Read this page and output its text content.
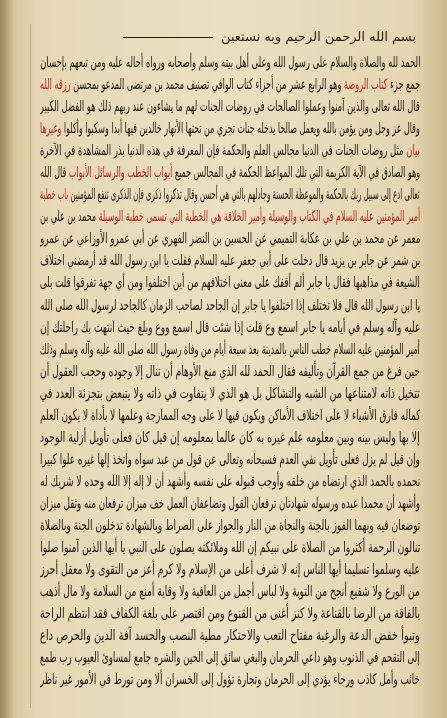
بسم الله الرحمن الرحيم وبه نستعين
الحمد لله والصلاة والسلام على رسول الله وعلى أهل بيته وسلم وأصحابه ورواه أحاله عليه ومن تبعهم بإحسان
جمع جزء كتاب الروضة وهو الرابع عشر من أجزاء كتاب الوافي تصنيف محمد بن مرتضى المدعو بمحسن رزقه الله
قال الله تعالى والذين آمنوا وعملوا الصالحات في روضات الجنات لهم ما يشاءون عند ربهم ذلك هو الفضل الكبير
وقال عز وجل ومن يؤمن بالله ويعمل صالحا يدخله جنات تجري من تحتها الأنهار خالدين فيها أبدا وسكبوا وأكلوا وغيرها
بيان مثل روضات الجنات في الدنيا مجالس العلم والحكمة فإن المعرفة في هذه الدنيا بذر المشاهدة في الآخرة
وهو الصادق في الآية الكريمة التي تلك المواعظ الحكمة في المجالس جميع أبواب الخطب والرسائل الأبواب قال الله
تعالى ادع إلى سبيل ربك بالحكمة والموعظة الحسنة وجادلهم بالتي هي أحسن وقال تذكروا ذكرى فإن الذكرى تنفع المؤمنين باب خطبة
أمير المؤمنين عليه السلام في الكتاب والوسيلة وأمير الخلافة هي الخطبة التي تسمى خطبة الوسيلة محمد بن علي بن
معمر عن محمد بن علي بن عكابة التميمي عن الحسين بن النضر الفهري عن أبي عمرو الأوزاعي عن عمرو
بن شمر عن جابر بن يزيد قال دخلت على أبي جعفر عليه السلام فقلت يا ابن رسول الله قد أرمضني اختلاف
الشيعة في مذاهبها فقال يا جابر ألم أقفك على معنى اختلافهم من أين اختلفوا ومن أي جهة تفرقوا قلت بلى
يا ابن رسول الله قال فلا تختلف إذا اختلفوا يا جابر إن الجاحد لصاحب الزمان كالجاحد لرسول الله صلى الله
عليه وآله وسلم في أيامه يا جابر اسمع وع قلت إذا شئت قال اسمع ووع وبلغ حيث انتهت بك راحلتك إن
أمير المؤمنين عليه السلام خطب الناس بالمدينة بعد سبعة أيام من وفاة رسول الله صلى الله عليه وآله وسلم وذلك
حين فرغ من جمع القرآن وتأليفه فقال الحمد لله الذي منع الأوهام أن تنال إلا وجوده وحجب العقول أن
تتخيل ذاته لامتناعها من الشبه والتشاكل بل هو الذي لا يتفاوت في ذاته ولا يتبعض بتجزئة العدد في
كماله فارق الأشياء لا على اختلاف الأماكن ويكون فيها لا على وجه الممازجة وعلمها لا بأداة لا يكون العلم
إلا بها وليس بينه وبين معلومه علم غيره به كان عالما بمعلومه إن قيل كان فعلى تأويل أزلية الوجود
وإن قيل لم يزل فعلى تأويل نفي العدم فسبحانه وتعالى عن قول من عبد سواه واتخذ إلها غيره علوا كبيرا
نحمده بالحمد الذي ارتضاه من خلقه وأوجب قبوله على نفسه وأشهد أن لا إله إلا الله وحده لا شريك له
وأشهد أن محمدا عبده ورسوله شهادتان ترفعان القول وتضاعفان العمل خف ميزان ترفعان منه وثقل ميزان
توضعان فيه وبهما الفوز بالجنة والنجاة من النار والجواز على الصراط وبالشهادة تدخلون الجنة وبالصلاة
تنالون الرحمة أكثروا من الصلاة على نبيكم إن الله وملائكته يصلون على النبي يا أيها الذين آمنوا صلوا
عليه وسلموا تسليما أيها الناس إنه لا شرف أعلى من الإسلام ولا كرم أعز من التقوى ولا معقل أحرز
من الورع ولا شفيع أنجح من التوبة ولا لباس أجمل من العافية ولا وقاية أمنع من السلامة ولا مال أذهب
بالفاقة من الرضا بالقناعة ولا كنز أغنى من القنوع ومن اقتصر على بلغة الكفاف فقد انتظم الراحة
وتبوأ خفض الدعة والرغبة مفتاح التعب والاحتكار مطية النصب والحسد آفة الدين والحرص داع
إلى التقحم في الذنوب وهو داعي الحرمان والبغي سائق إلى الحين والشره جامع لمساوئ العيوب رب طمع
خائب وأمل كاذب ورجاء يؤدي إلى الحرمان وتجارة تؤول إلى الخسران ألا ومن تورط في الأمور غير ناظر
